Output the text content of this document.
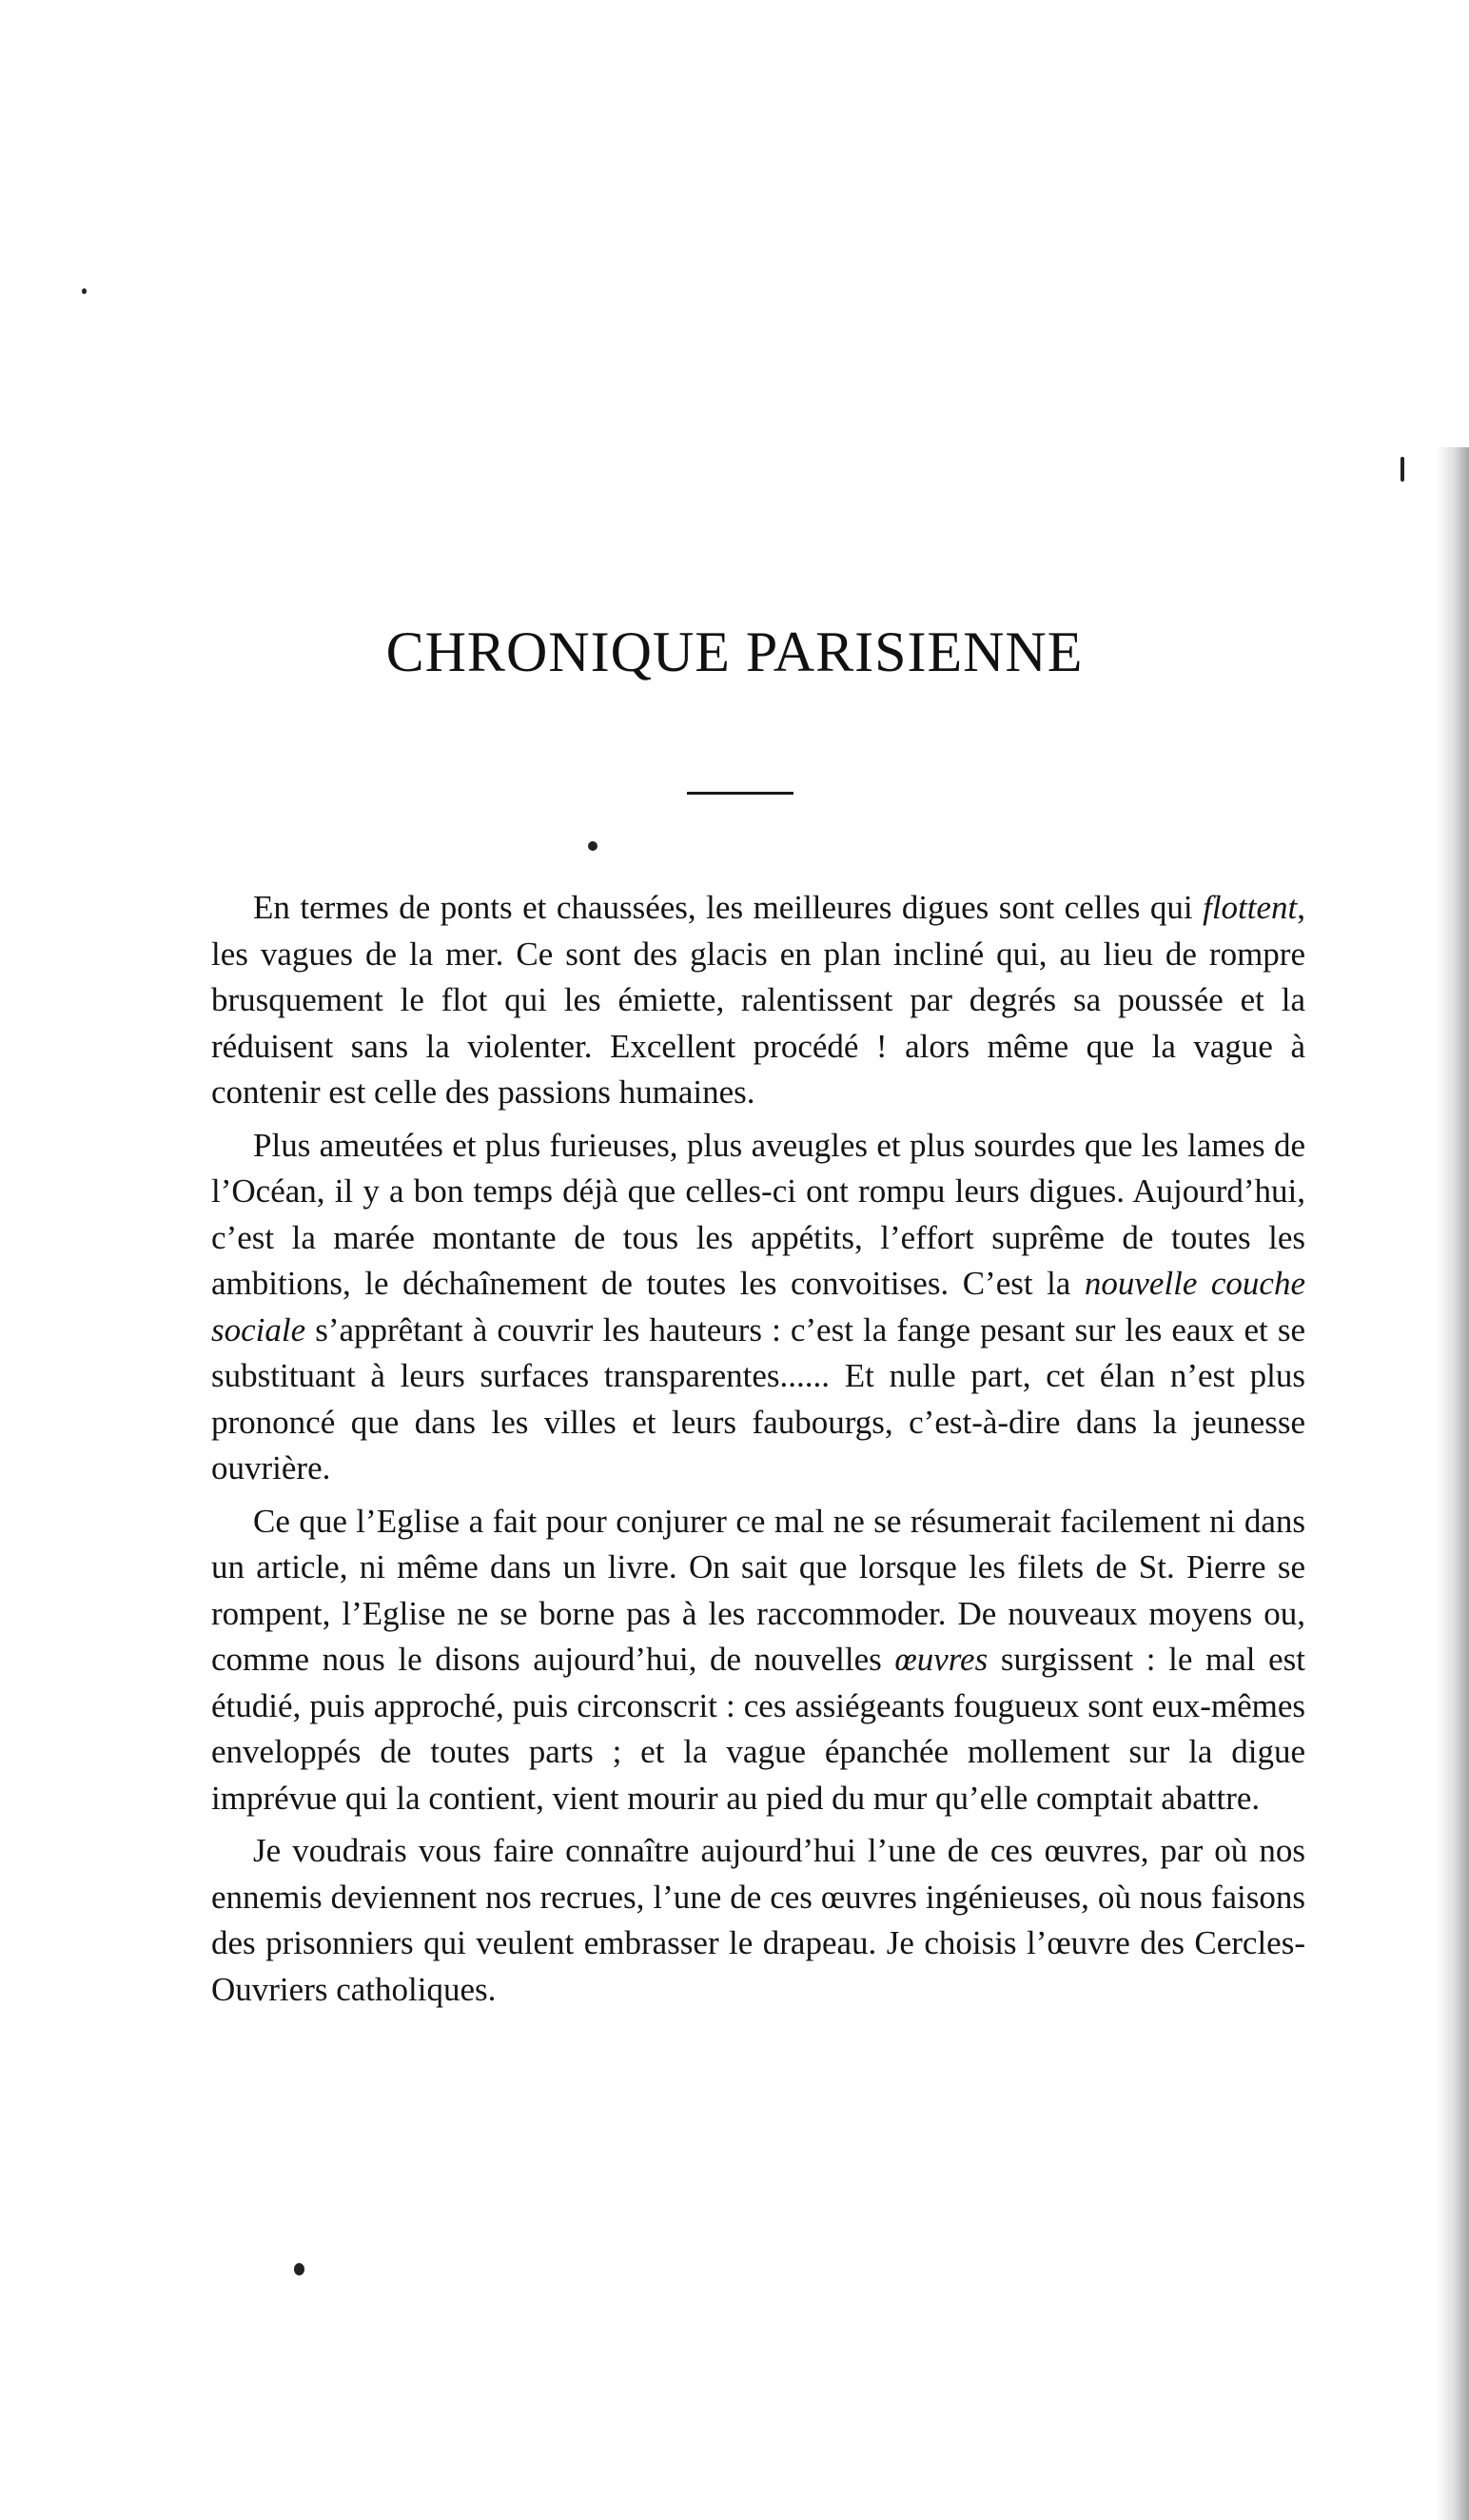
CHRONIQUE PARISIENNE

En termes de ponts et chaussées, les meilleures digues sont celles qui flottent, les vagues de la mer. Ce sont des glacis en plan incliné qui, au lieu de rompre brusquement le flot qui les émiette, ralentissent par degrés sa poussée et la réduisent sans la violenter. Excellent procédé ! alors même que la vague à contenir est celle des passions humaines.

Plus ameutées et plus furieuses, plus aveugles et plus sourdes que les lames de l’Océan, il y a bon temps déjà que celles-ci ont rompu leurs digues. Aujourd’hui, c’est la marée montante de tous les appétits, l’effort suprême de toutes les ambitions, le déchaînement de toutes les convoitises. C’est la nouvelle couche sociale s’apprêtant à couvrir les hauteurs : c’est la fange pesant sur les eaux et se substituant à leurs surfaces transparentes...... Et nulle part, cet élan n’est plus prononcé que dans les villes et leurs faubourgs, c’est-à-dire dans la jeunesse ouvrière.

Ce que l’Eglise a fait pour conjurer ce mal ne se résumerait facilement ni dans un article, ni même dans un livre. On sait que lorsque les filets de St. Pierre se rompent, l’Eglise ne se borne pas à les raccommoder. De nouveaux moyens ou, comme nous le disons aujourd’hui, de nouvelles œuvres surgissent : le mal est étudié, puis approché, puis circonscrit : ces assiégeants fougueux sont eux-mêmes enveloppés de toutes parts ; et la vague épanchée mollement sur la digue imprévue qui la contient, vient mourir au pied du mur qu’elle comptait abattre.

Je voudrais vous faire connaître aujourd’hui l’une de ces œuvres, par où nos ennemis deviennent nos recrues, l’une de ces œuvres ingénieuses, où nous faisons des prisonniers qui veulent embrasser le drapeau. Je choisis l’œuvre des Cercles-Ouvriers catholiques.
